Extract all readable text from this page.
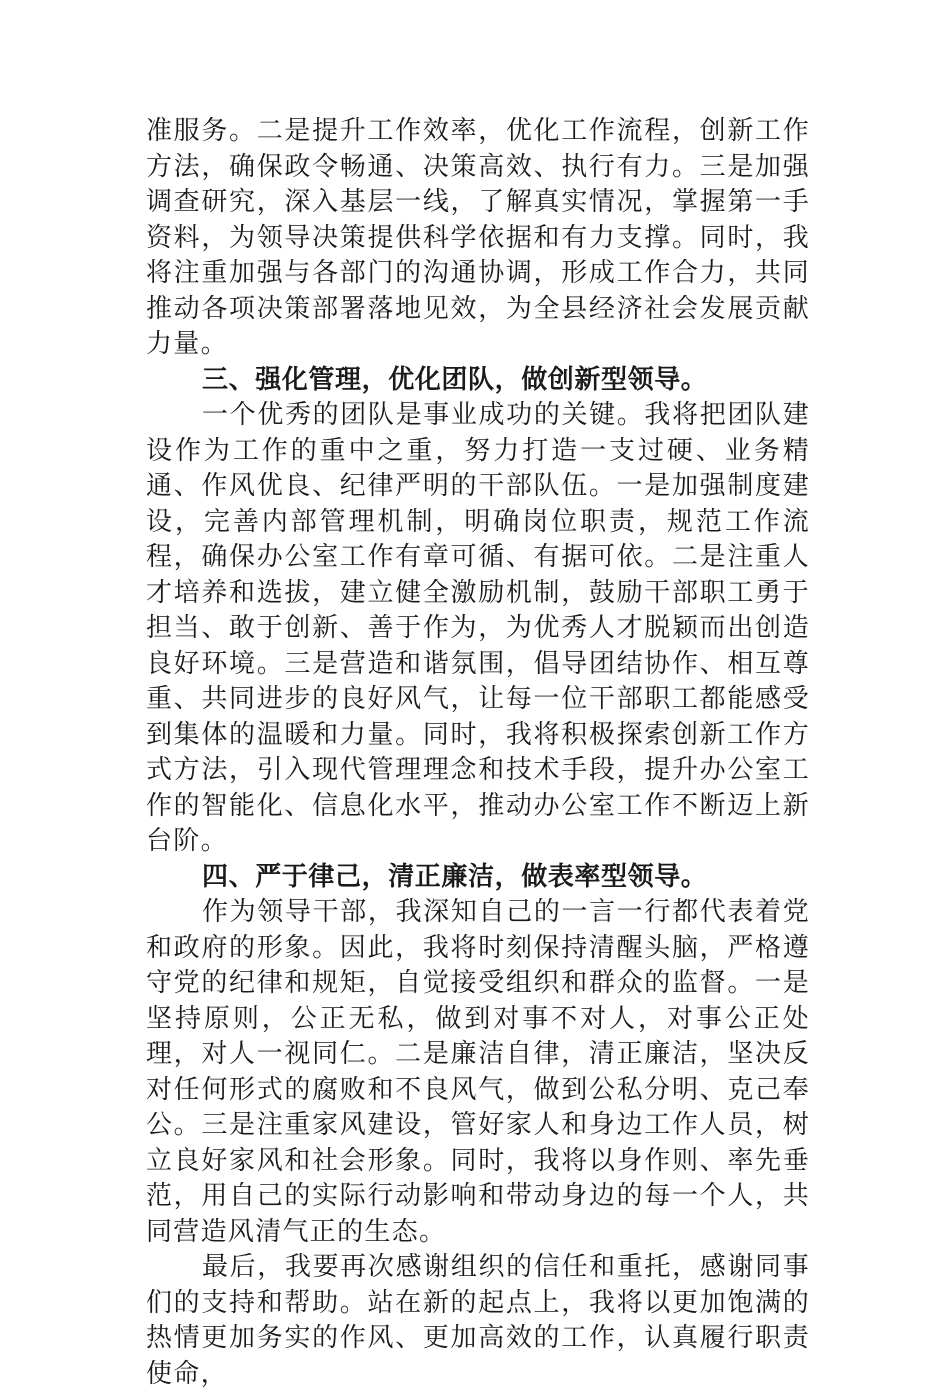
准服务。二是提升工作效率，优化工作流程，创新工作方法，确保政令畅通、决策高效、执行有力。三是加强调查研究，深入基层一线，了解真实情况，掌握第一手资料，为领导决策提供科学依据和有力支撑。同时，我将注重加强与各部门的沟通协调，形成工作合力，共同推动各项决策部署落地见效，为全县经济社会发展贡献力量。

三、强化管理，优化团队，做创新型领导。

一个优秀的团队是事业成功的关键。我将把团队建设作为工作的重中之重，努力打造一支过硬、业务精通、作风优良、纪律严明的干部队伍。一是加强制度建设，完善内部管理机制，明确岗位职责，规范工作流程，确保办公室工作有章可循、有据可依。二是注重人才培养和选拔，建立健全激励机制，鼓励干部职工勇于担当、敢于创新、善于作为，为优秀人才脱颖而出创造良好环境。三是营造和谐氛围，倡导团结协作、相互尊重、共同进步的良好风气，让每一位干部职工都能感受到集体的温暖和力量。同时，我将积极探索创新工作方式方法，引入现代管理理念和技术手段，提升办公室工作的智能化、信息化水平，推动办公室工作不断迈上新台阶。

四、严于律己，清正廉洁，做表率型领导。

作为领导干部，我深知自己的一言一行都代表着党和政府的形象。因此，我将时刻保持清醒头脑，严格遵守党的纪律和规矩，自觉接受组织和群众的监督。一是坚持原则，公正无私，做到对事不对人，对事公正处理，对人一视同仁。二是廉洁自律，清正廉洁，坚决反对任何形式的腐败和不良风气，做到公私分明、克己奉公。三是注重家风建设，管好家人和身边工作人员，树立良好家风和社会形象。同时，我将以身作则、率先垂范，用自己的实际行动影响和带动身边的每一个人，共同营造风清气正的生态。

最后，我要再次感谢组织的信任和重托，感谢同事们的支持和帮助。站在新的起点上，我将以更加饱满的热情更加务实的作风、更加高效的工作，认真履行职责使命，
